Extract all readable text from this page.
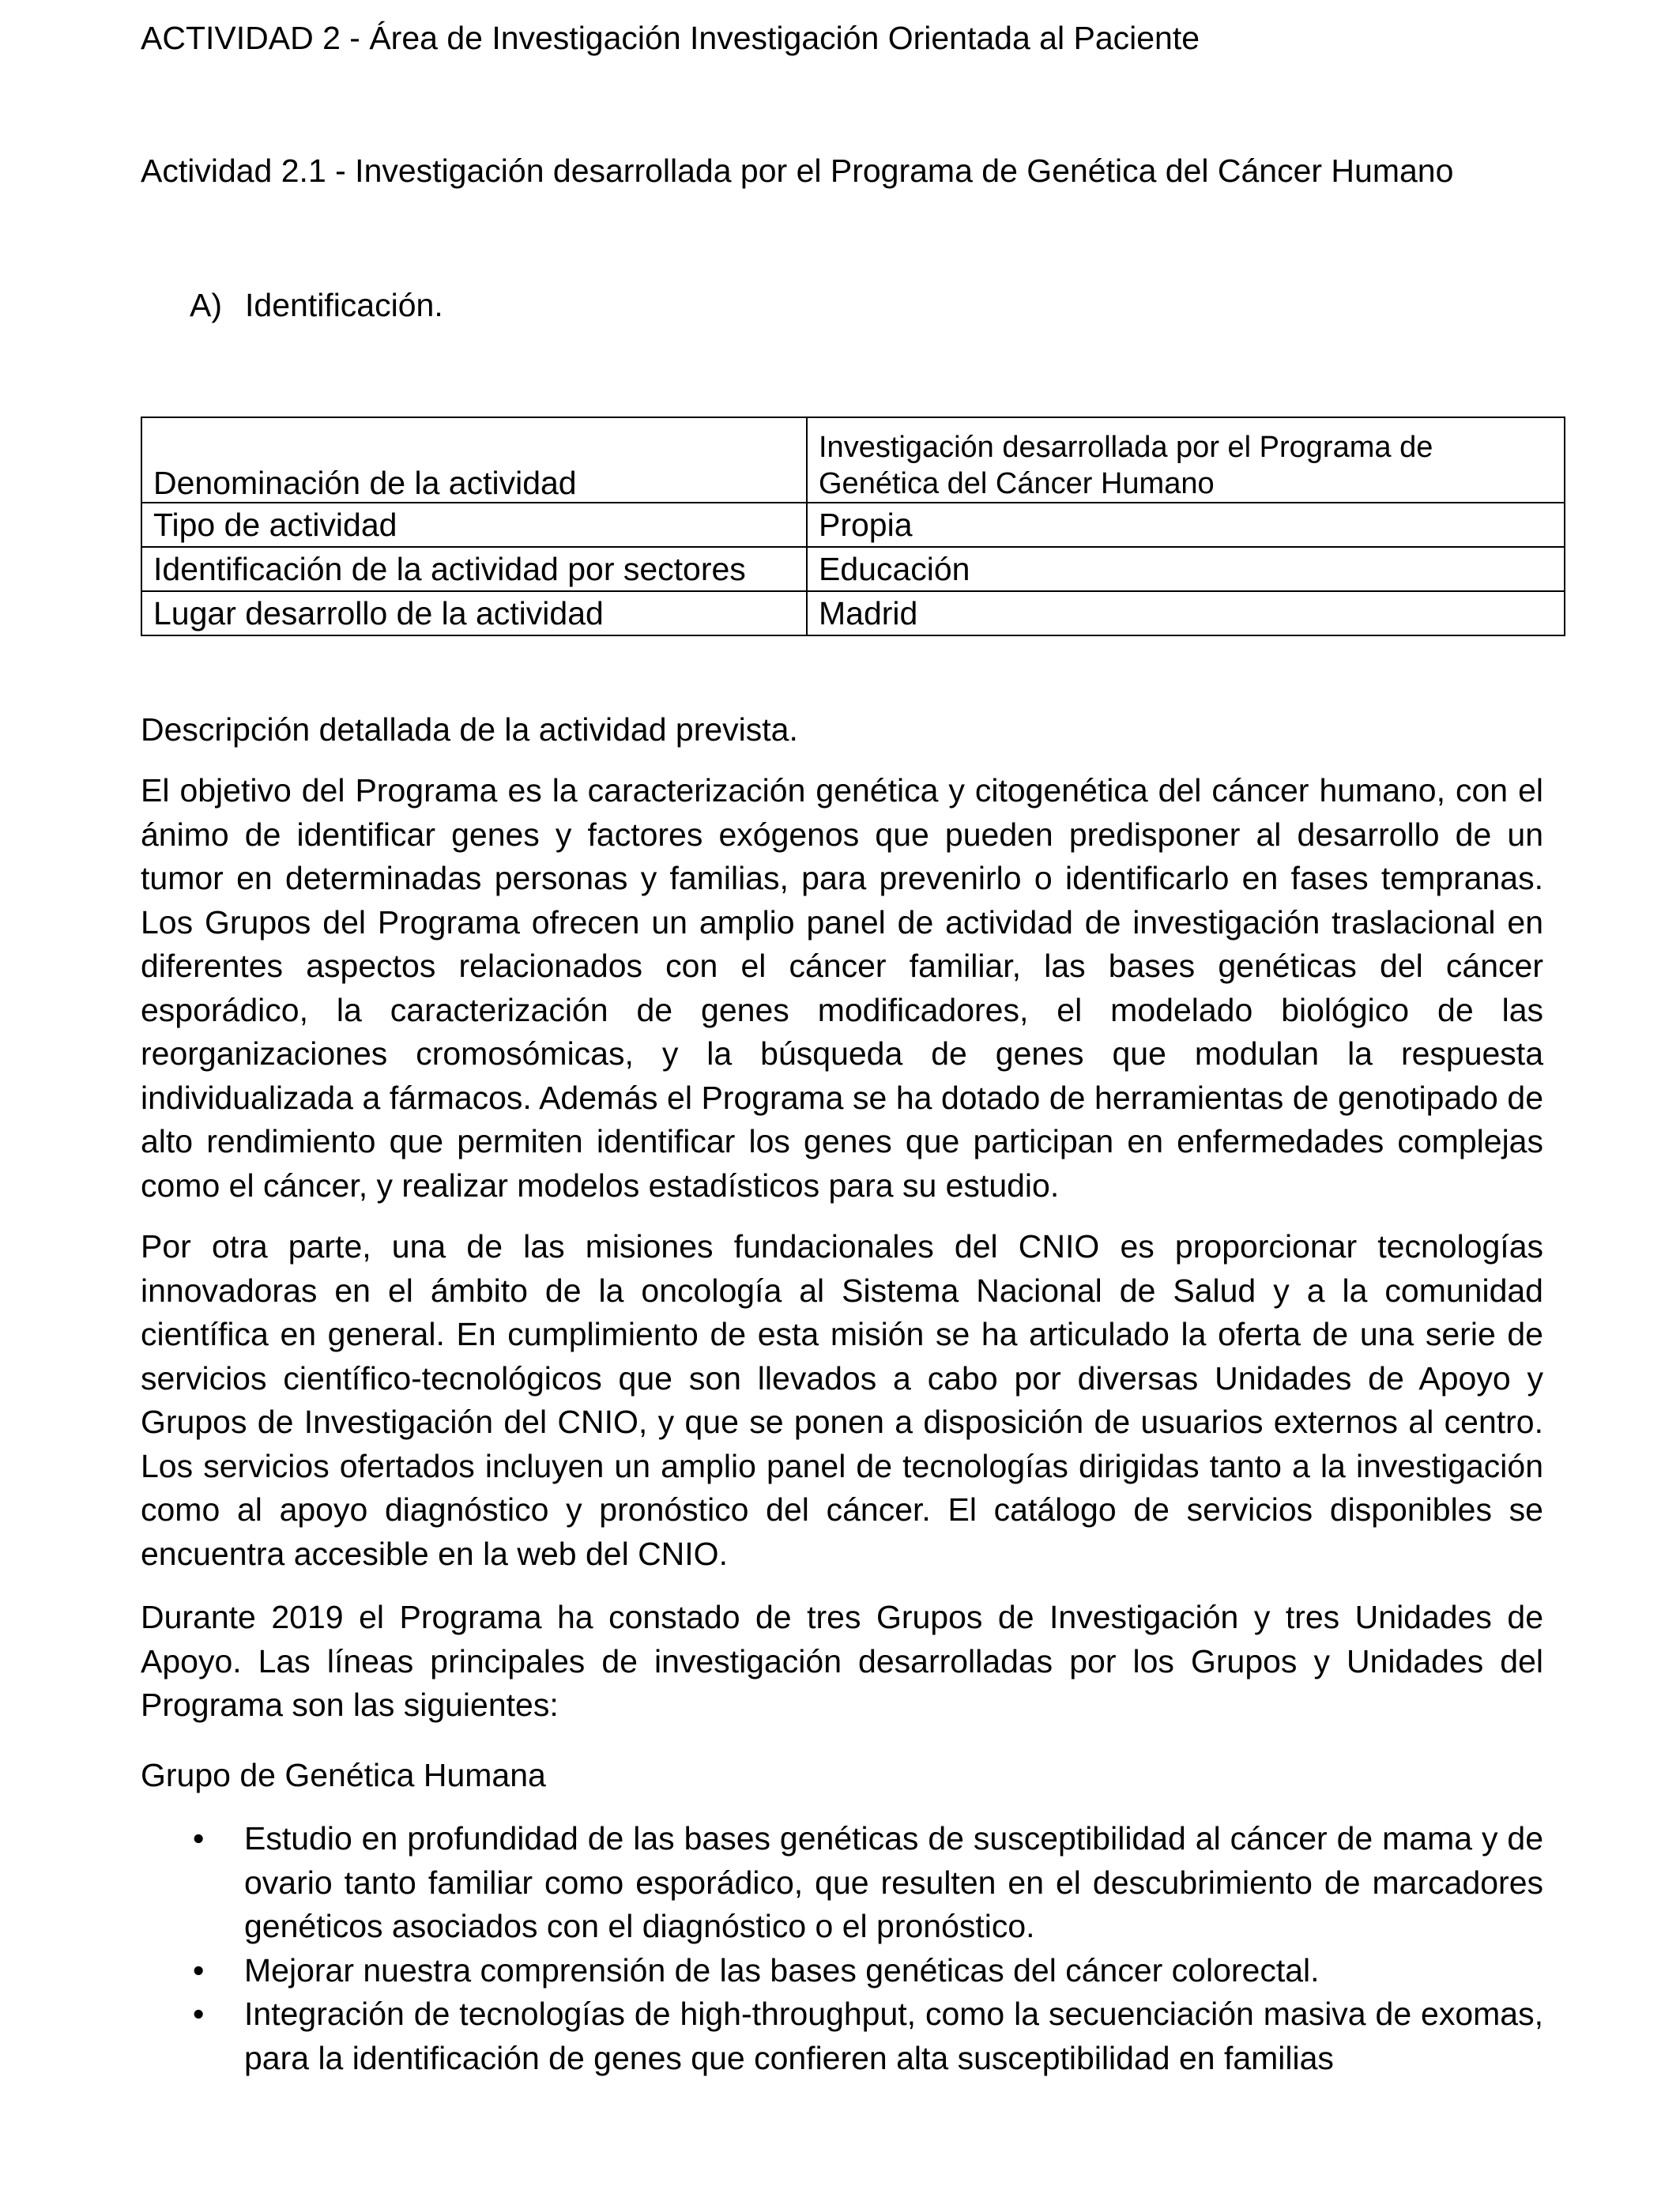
ACTIVIDAD 2 - Área de Investigación Investigación Orientada al Paciente
Actividad 2.1 - Investigación desarrollada por el Programa de Genética del Cáncer Humano
A) Identificación.
Denominación de la actividad	Investigación desarrollada por el Programa de Genética del Cáncer Humano
Tipo de actividad	Propia
Identificación de la actividad por sectores	Educación
Lugar desarrollo de la actividad	Madrid
Descripción detallada de la actividad prevista.

El objetivo del Programa es la caracterización genética y citogenética del cáncer humano, con el ánimo de identificar genes y factores exógenos que pueden predisponer al desarrollo de un tumor en determinadas personas y familias, para prevenirlo o identificarlo en fases tempranas. Los Grupos del Programa ofrecen un amplio panel de actividad de investigación traslacional en diferentes aspectos relacionados con el cáncer familiar, las bases genéticas del cáncer esporádico, la caracterización de genes modificadores, el modelado biológico de las reorganizaciones cromosómicas, y la búsqueda de genes que modulan la respuesta individualizada a fármacos. Además el Programa se ha dotado de herramientas de genotipado de alto rendimiento que permiten identificar los genes que participan en enfermedades complejas como el cáncer, y realizar modelos estadísticos para su estudio.

Por otra parte, una de las misiones fundacionales del CNIO es proporcionar tecnologías innovadoras en el ámbito de la oncología al Sistema Nacional de Salud y a la comunidad científica en general. En cumplimiento de esta misión se ha articulado la oferta de una serie de servicios científico-tecnológicos que son llevados a cabo por diversas Unidades de Apoyo y Grupos de Investigación del CNIO, y que se ponen a disposición de usuarios externos al centro. Los servicios ofertados incluyen un amplio panel de tecnologías dirigidas tanto a la investigación como al apoyo diagnóstico y pronóstico del cáncer. El catálogo de servicios disponibles se encuentra accesible en la web del CNIO.

Durante 2019 el Programa ha constado de tres Grupos de Investigación y tres Unidades de Apoyo. Las líneas principales de investigación desarrolladas por los Grupos y Unidades del Programa son las siguientes:

Grupo de Genética Humana
• Estudio en profundidad de las bases genéticas de susceptibilidad al cáncer de mama y de ovario tanto familiar como esporádico, que resulten en el descubrimiento de marcadores genéticos asociados con el diagnóstico o el pronóstico.
• Mejorar nuestra comprensión de las bases genéticas del cáncer colorectal.
• Integración de tecnologías de high-throughput, como la secuenciación masiva de exomas, para la identificación de genes que confieren alta susceptibilidad en familias
